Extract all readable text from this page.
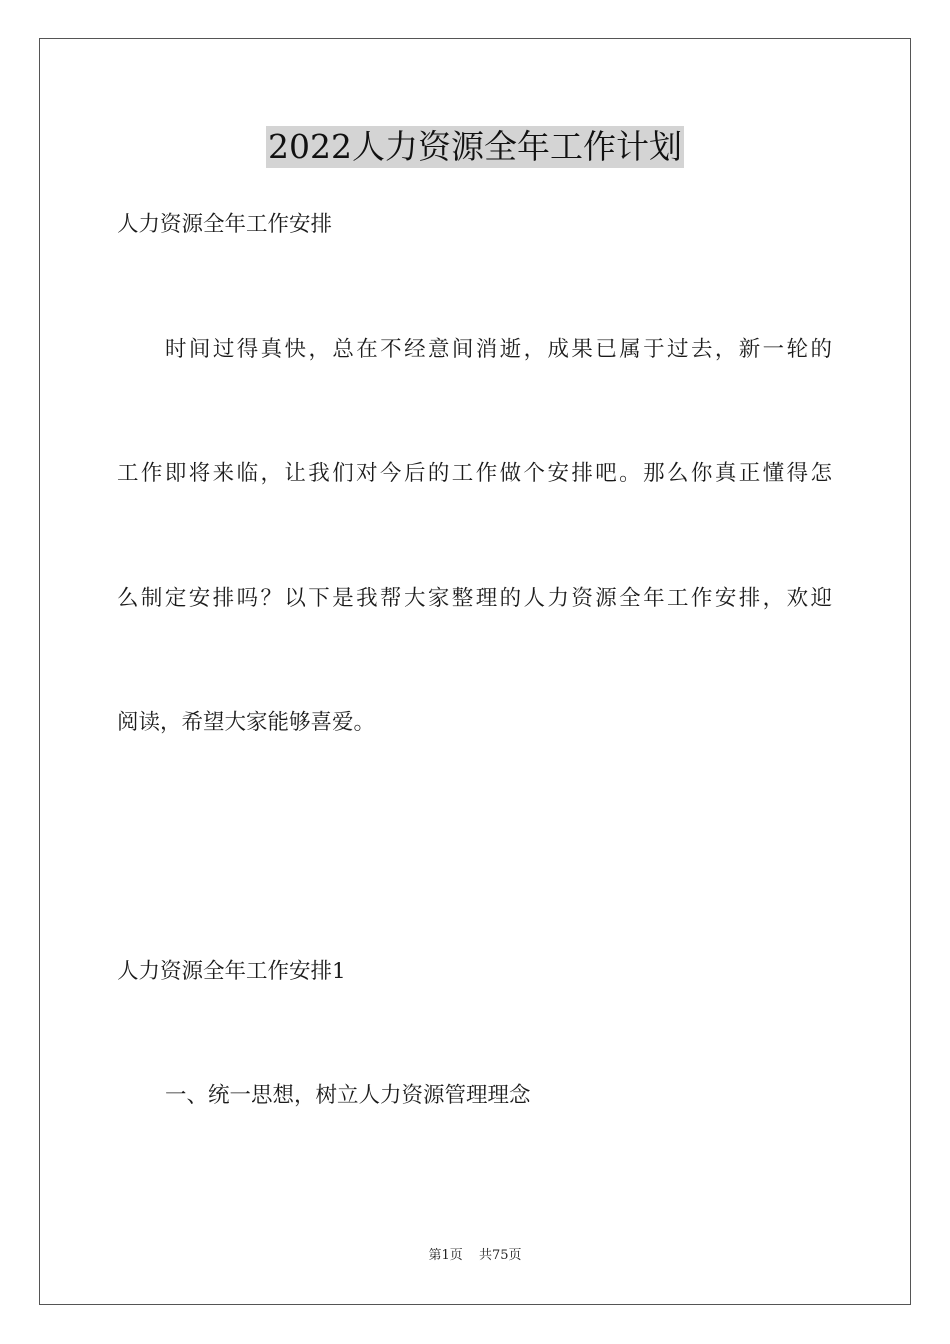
2022人力资源全年工作计划
人力资源全年工作安排
时间过得真快，总在不经意间消逝，成果已属于过去，新一轮的
工作即将来临，让我们对今后的工作做个安排吧。那么你真正懂得怎
么制定安排吗？以下是我帮大家整理的人力资源全年工作安排，欢迎
阅读，希望大家能够喜爱。
人力资源全年工作安排1
一、统一思想，树立人力资源管理理念
第1页 共75页
